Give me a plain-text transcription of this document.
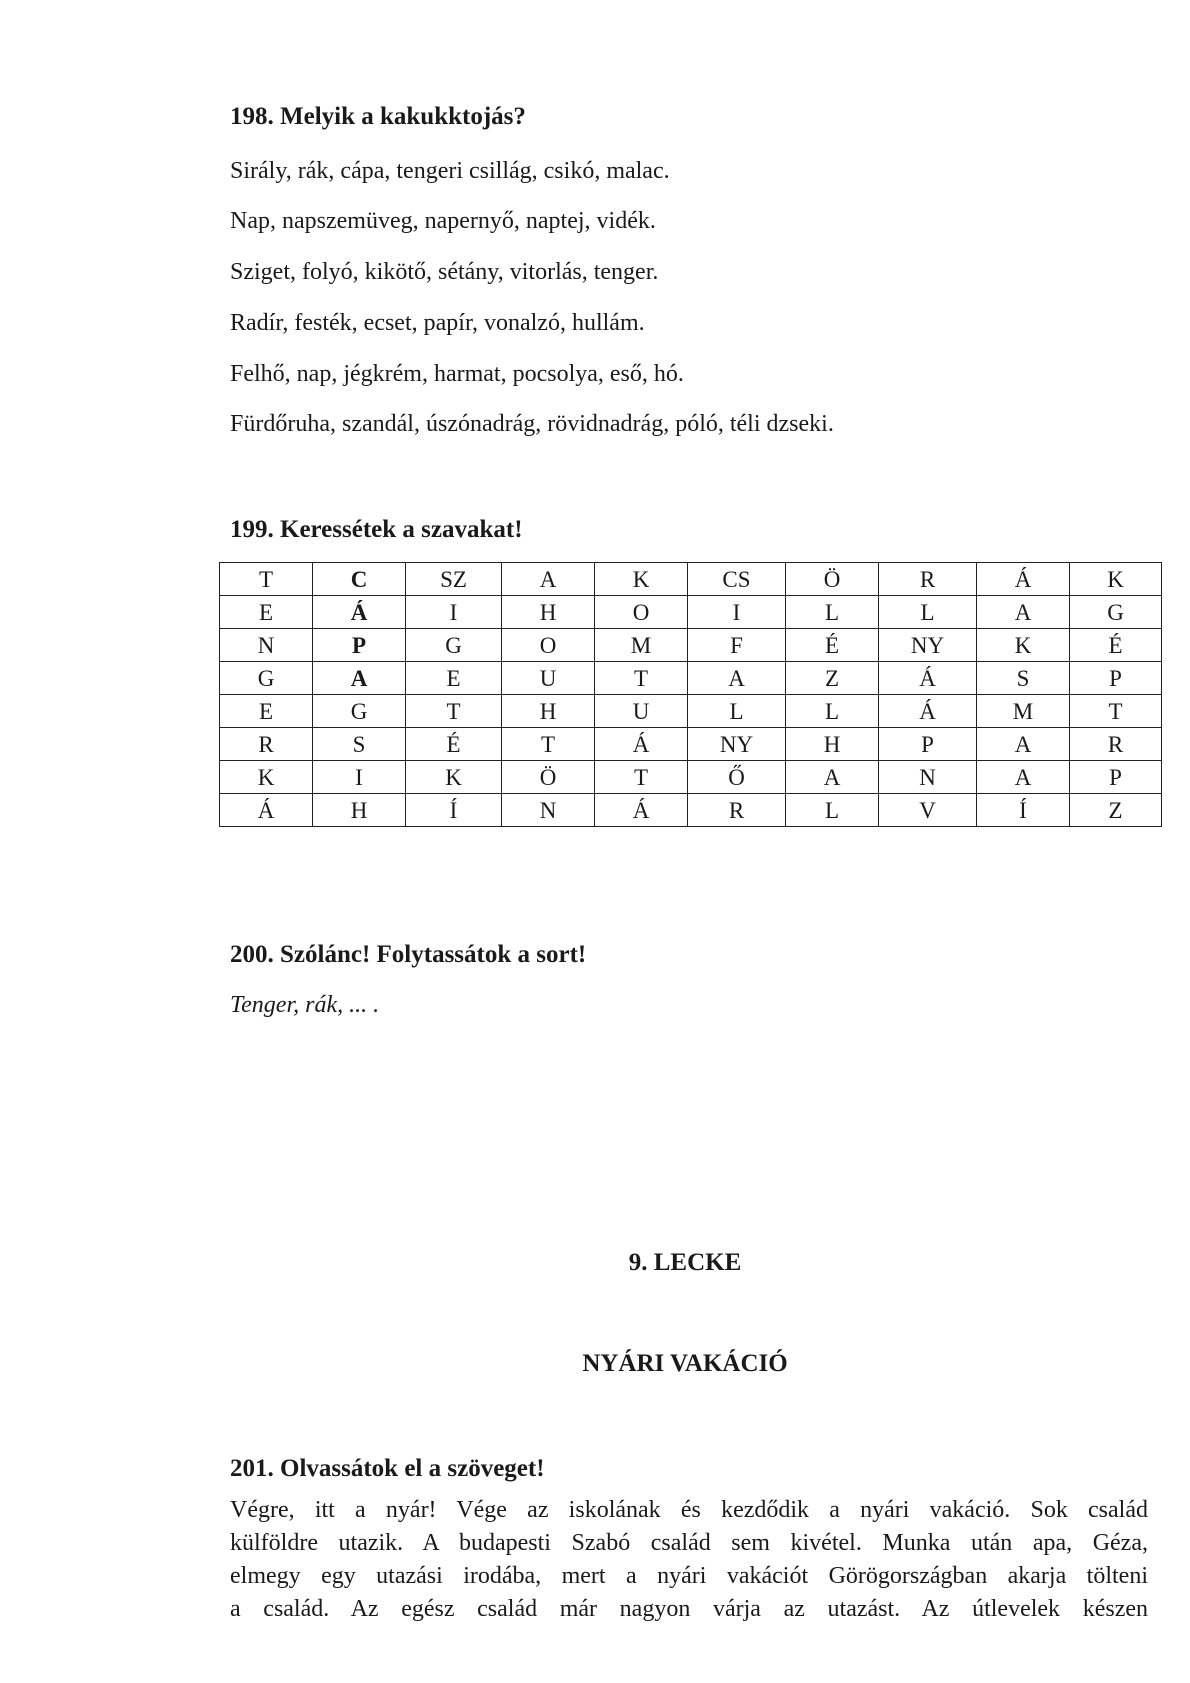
198. Melyik a kakukktojás?

Sirály, rák, cápa, tengeri csillág, csikó, malac.

Nap, napszemüveg, napernyő, naptej, vidék.

Sziget, folyó, kikötő, sétány, vitorlás, tenger.

Radír, festék, ecset, papír, vonalzó, hullám.

Felhő, nap, jégkrém, harmat, pocsolya, eső, hó.

Fürdőruha, szandál, úszónadrág, rövidnadrág, póló, téli dzseki.

199. Keressétek a szavakat!
T	C	SZ	A	K	CS	Ö	R	Á	K
E	Á	I	H	O	I	L	L	A	G
N	P	G	O	M	F	É	NY	K	É
G	A	E	U	T	A	Z	Á	S	P
E	G	T	H	U	L	L	Á	M	T
R	S	É	T	Á	NY	H	P	A	R
K	I	K	Ö	T	Ő	A	N	A	P
Á	H	Í	N	Á	R	L	V	Í	Z
200. Szólánc! Folytassátok a sort!

Tenger, rák, ... .

9. LECKE
NYÁRI VAKÁCIÓ
201. Olvassátok el a szöveget!
Végre, itt a nyár! Vége az iskolának és kezdődik a nyári vakáció. Sok család
külföldre utazik. A budapesti Szabó család sem kivétel. Munka után apa, Géza,
elmegy egy utazási irodába, mert a nyári vakációt Görögországban akarja tölteni
a család. Az egész család már nagyon várja az utazást. Az útlevelek készen
